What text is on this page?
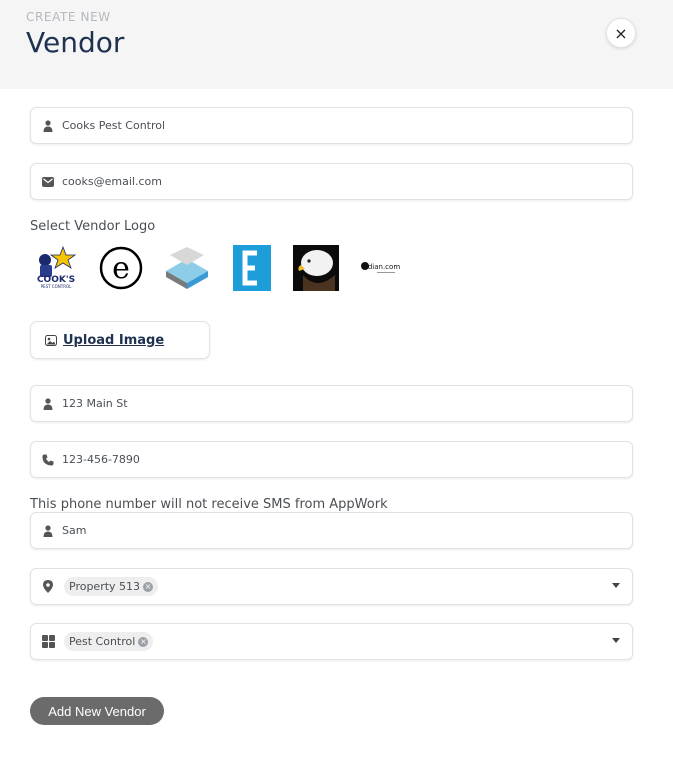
CREATE NEW
Vendor	×
Cooks Pest Control
cooks@email.com
Select Vendor Logo
COOK'S
PEST CONTROL
e	dian.com
Upload Image
123 Main St
123-456-7890
This phone number will not receive SMS from AppWork
Sam
Property 513 ×
Pest Control ×
Add New Vendor
